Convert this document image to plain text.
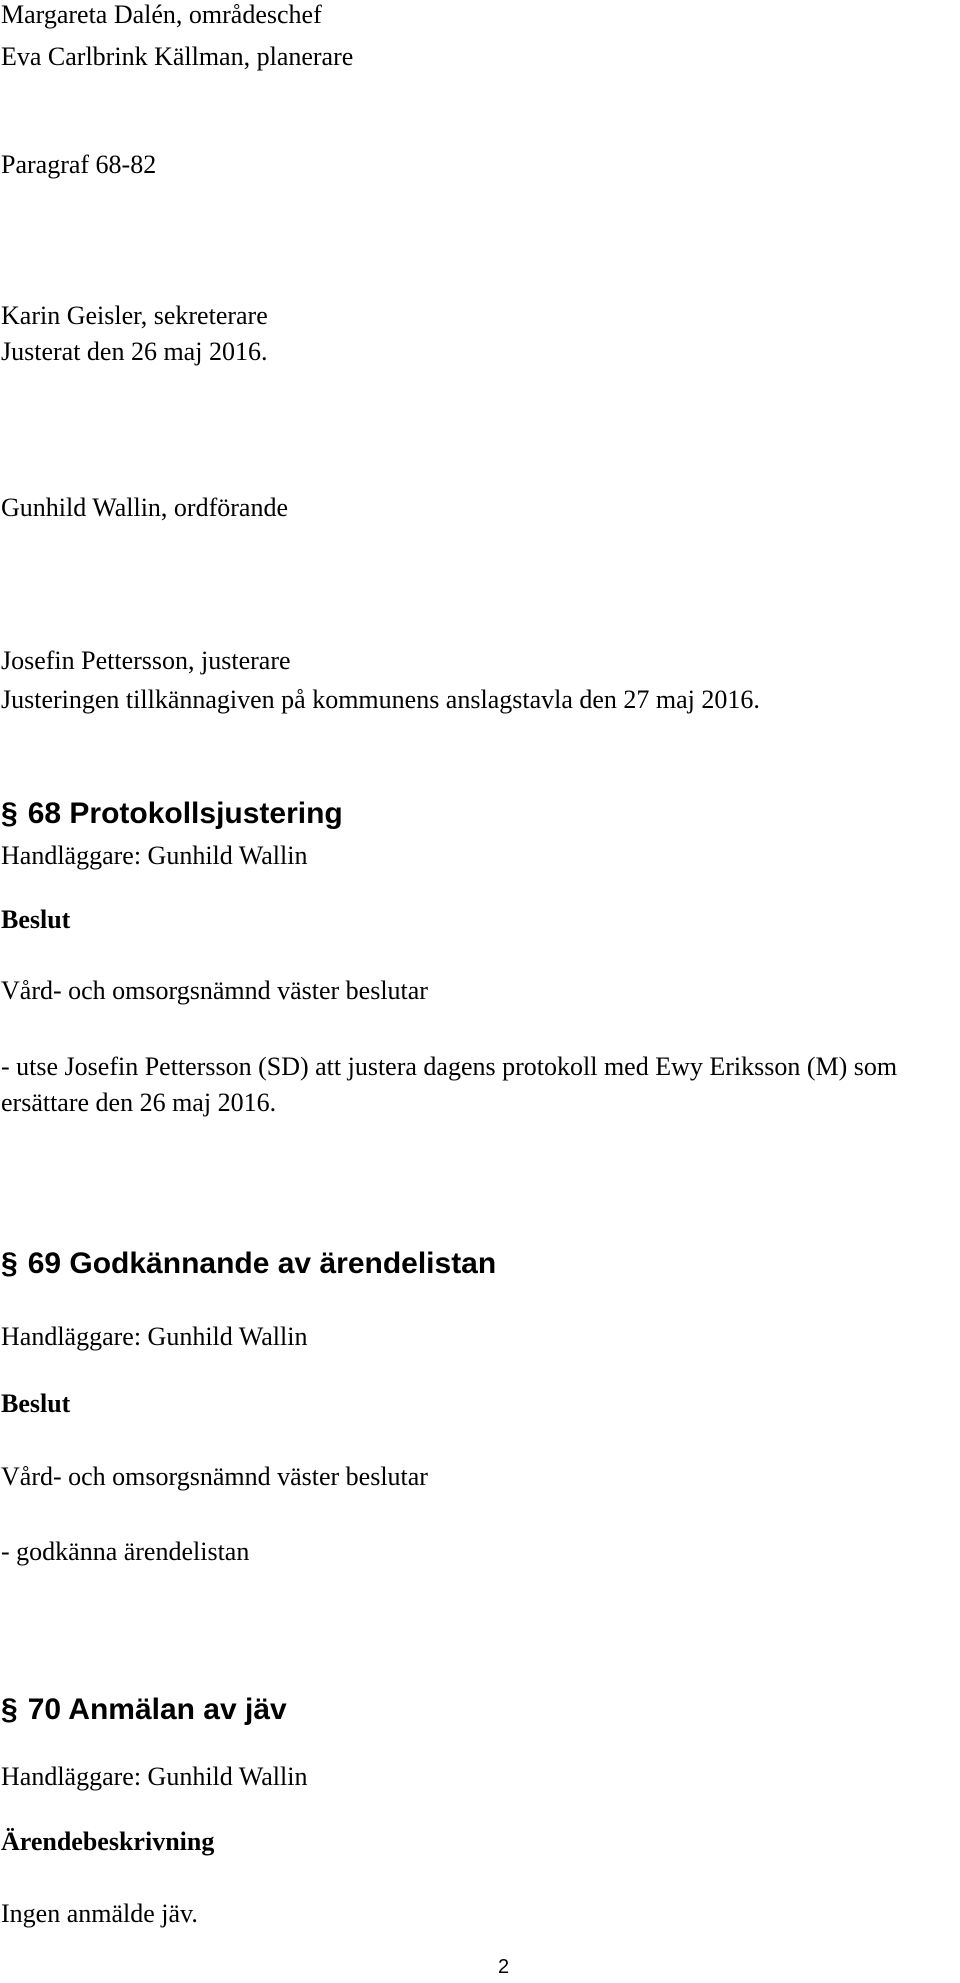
Margareta Dalén, områdeschef
Eva Carlbrink Källman, planerare
Paragraf 68-82
Karin Geisler, sekreterare
Justerat den 26 maj 2016.
Gunhild Wallin, ordförande
Josefin Pettersson, justerare
Justeringen tillkännagiven på kommunens anslagstavla den 27 maj 2016.
§ 68 Protokollsjustering
Handläggare: Gunhild Wallin
Beslut
Vård- och omsorgsnämnd väster beslutar

- utse Josefin Pettersson (SD) att justera dagens protokoll med Ewy Eriksson (M) som ersättare den 26 maj 2016.

§ 69 Godkännande av ärendelistan
Handläggare: Gunhild Wallin
Beslut
Vård- och omsorgsnämnd väster beslutar
- godkänna ärendelistan
§ 70 Anmälan av jäv
Handläggare: Gunhild Wallin
Ärendebeskrivning
Ingen anmälde jäv.
2
